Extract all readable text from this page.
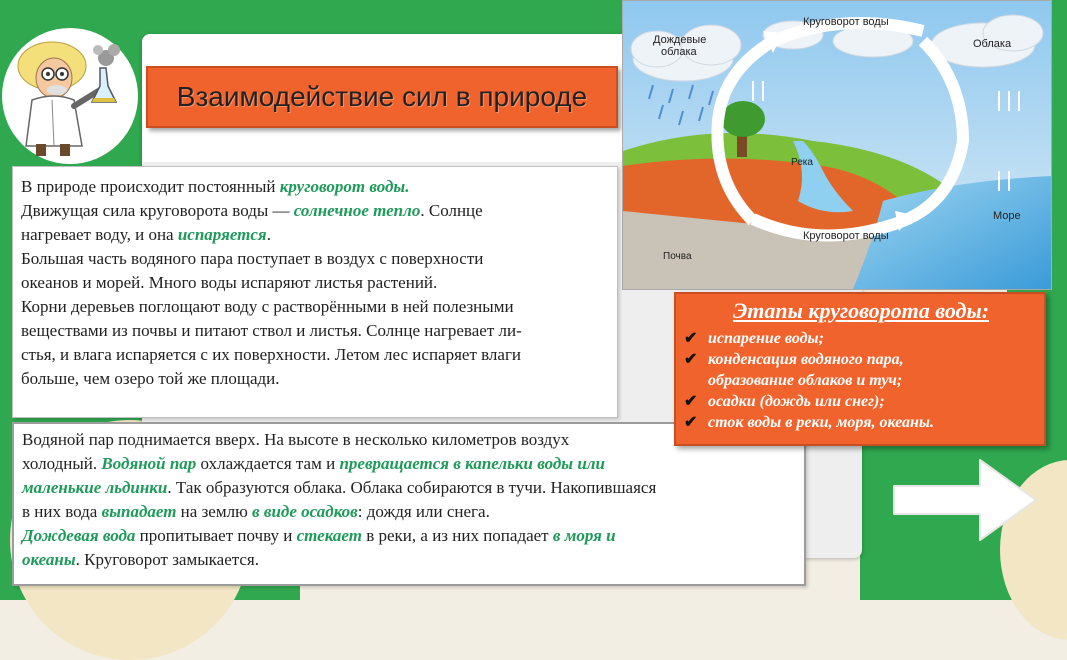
Взаимодействие сил в природе

В природе происходит постоянный круговорот воды.

Движущая сила круговорота воды — солнечное тепло. Солнце

нагревает воду, и она испаряется.

Большая часть водяного пара поступает в воздух с поверхности

океанов и морей. Много воды испаряют листья растений.

Корни деревьев поглощают воду с растворёнными в ней полезными

веществами из почвы и питают ствол и листья. Солнце нагревает ли-

стья, и влага испаряется с их поверхности. Летом лес испаряет влаги

больше, чем озеро той же площади.

Водяной пар поднимается вверх. На высоте в несколько километров воздух

холодный. Водяной пар охлаждается там и превращается в капельки воды или

маленькие льдинки. Так образуются облака. Облака собираются в тучи. Накопившаяся

в них вода выпадает на землю в виде осадков: дождя или снега.

Дождевая вода пропитывает почву и стекает в реки, а из них попадает в моря и

океаны. Круговорот замыкается.

Дождевые
облака
Облака
Круговорот воды
Круговорот воды
Река
Море
Почва

Этапы круговорота воды:

✔ испарение воды;
✔ конденсация водяного пара,
образование облаков и туч;
✔ осадки (дождь или снег);
✔ сток воды в реки, моря, океаны.
